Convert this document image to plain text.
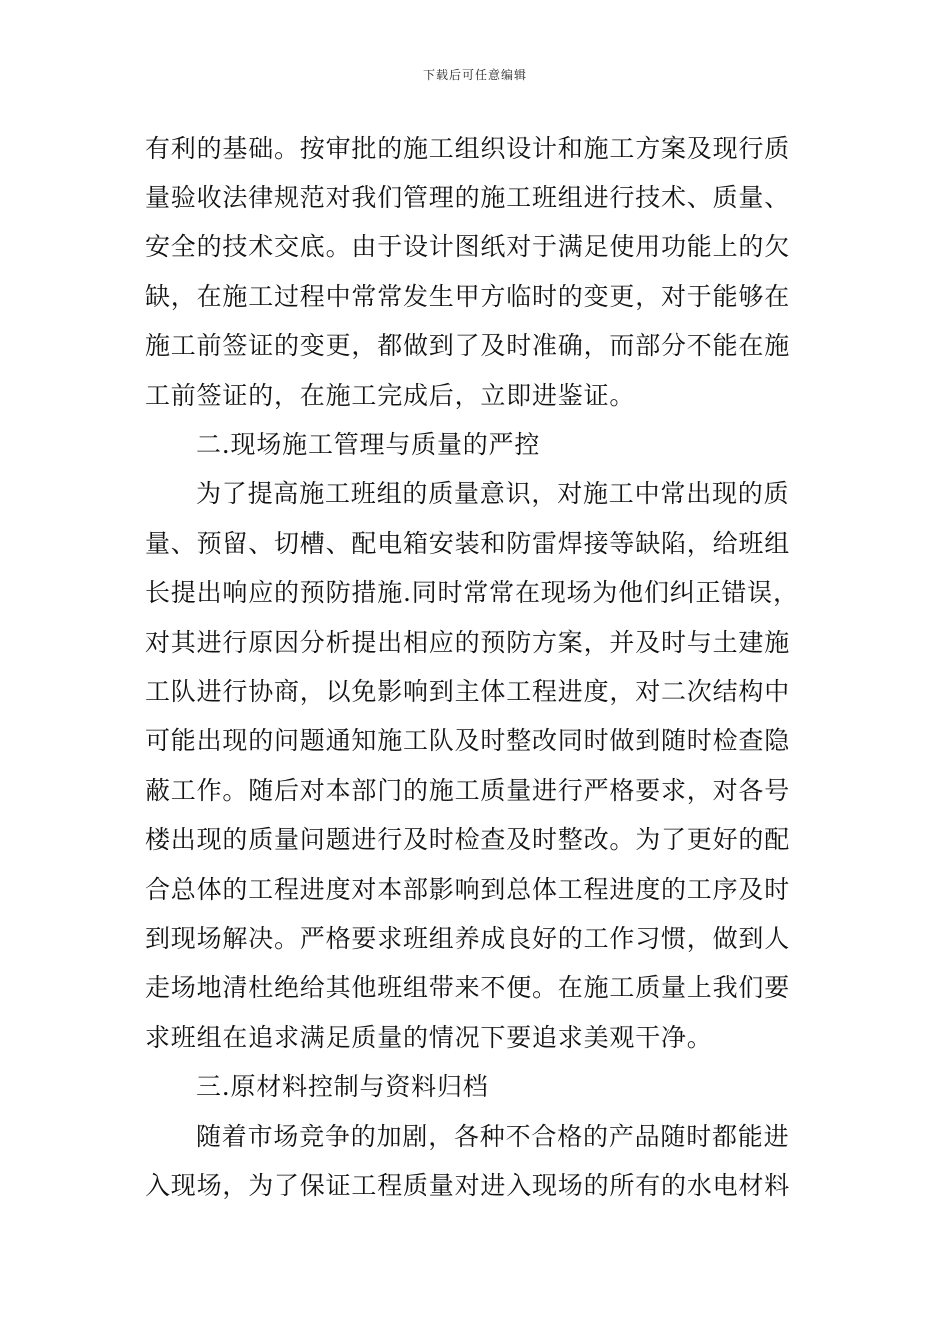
下载后可任意编辑
有利的基础。按审批的施工组织设计和施工方案及现行质
量验收法律规范对我们管理的施工班组进行技术、质量、
安全的技术交底。由于设计图纸对于满足使用功能上的欠
缺，在施工过程中常常发生甲方临时的变更，对于能够在
施工前签证的变更，都做到了及时准确，而部分不能在施
工前签证的，在施工完成后，立即进鉴证。
二.现场施工管理与质量的严控
为了提高施工班组的质量意识，对施工中常出现的质
量、预留、切槽、配电箱安装和防雷焊接等缺陷，给班组
长提出响应的预防措施.同时常常在现场为他们纠正错误，
对其进行原因分析提出相应的预防方案，并及时与土建施
工队进行协商，以免影响到主体工程进度，对二次结构中
可能出现的问题通知施工队及时整改同时做到随时检查隐
蔽工作。随后对本部门的施工质量进行严格要求，对各号
楼出现的质量问题进行及时检查及时整改。为了更好的配
合总体的工程进度对本部影响到总体工程进度的工序及时
到现场解决。严格要求班组养成良好的工作习惯，做到人
走场地清杜绝给其他班组带来不便。在施工质量上我们要
求班组在追求满足质量的情况下要追求美观干净。
三.原材料控制与资料归档
随着市场竞争的加剧，各种不合格的产品随时都能进
入现场，为了保证工程质量对进入现场的所有的水电材料
